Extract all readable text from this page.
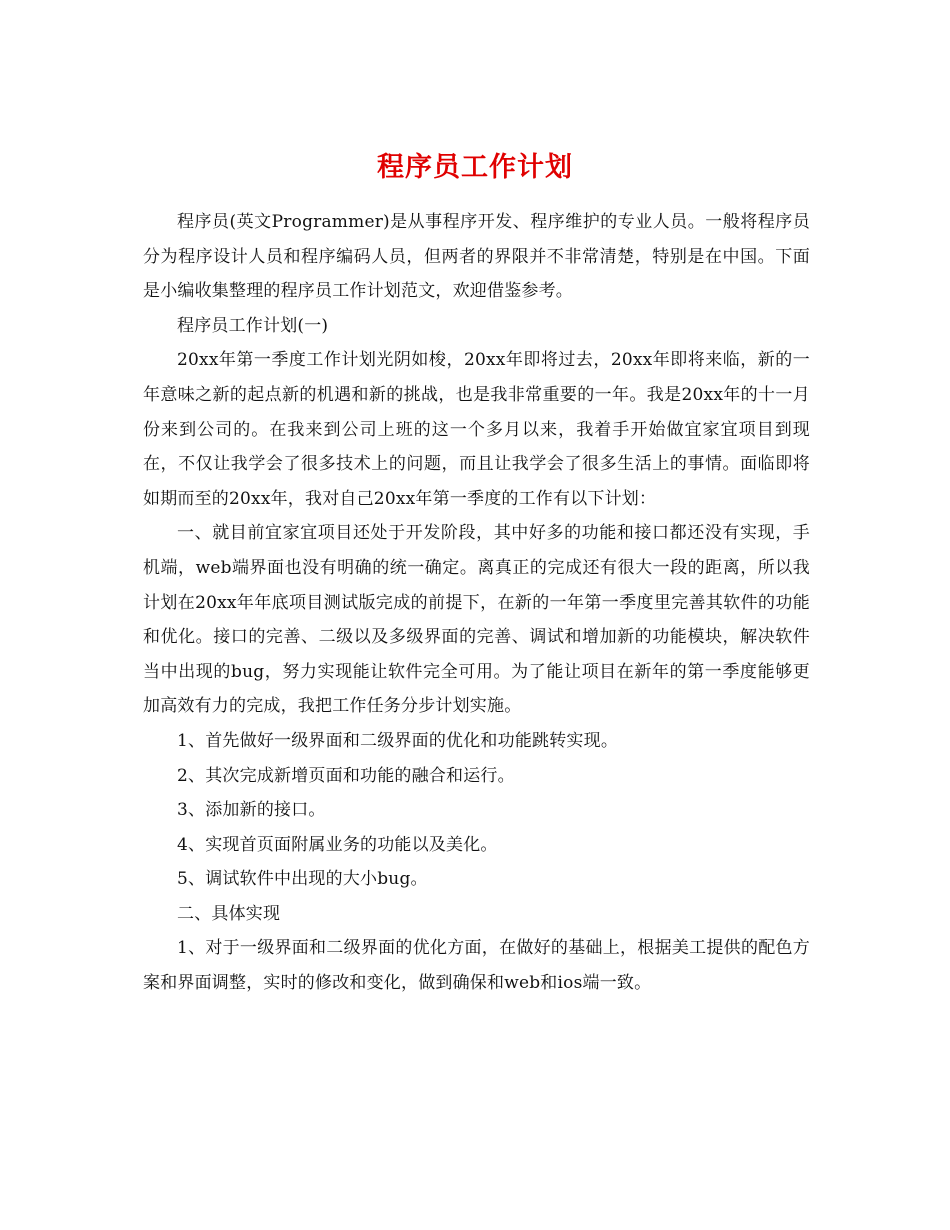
程序员工作计划

程序员(英文Programmer)是从事程序开发、程序维护的专业人员。一般将程序员分为程序设计人员和程序编码人员，但两者的界限并不非常清楚，特别是在中国。下面是小编收集整理的程序员工作计划范文，欢迎借鉴参考。

程序员工作计划(一)

20xx年第一季度工作计划光阴如梭，20xx年即将过去，20xx年即将来临，新的一年意味之新的起点新的机遇和新的挑战，也是我非常重要的一年。我是20xx年的十一月份来到公司的。在我来到公司上班的这一个多月以来，我着手开始做宜家宜项目到现在，不仅让我学会了很多技术上的问题，而且让我学会了很多生活上的事情。面临即将如期而至的20xx年，我对自己20xx年第一季度的工作有以下计划：

一、就目前宜家宜项目还处于开发阶段，其中好多的功能和接口都还没有实现，手机端，web端界面也没有明确的统一确定。离真正的完成还有很大一段的距离，所以我计划在20xx年年底项目测试版完成的前提下，在新的一年第一季度里完善其软件的功能和优化。接口的完善、二级以及多级界面的完善、调试和增加新的功能模块，解决软件当中出现的bug，努力实现能让软件完全可用。为了能让项目在新年的第一季度能够更加高效有力的完成，我把工作任务分步计划实施。

1、首先做好一级界面和二级界面的优化和功能跳转实现。

2、其次完成新增页面和功能的融合和运行。

3、添加新的接口。

4、实现首页面附属业务的功能以及美化。

5、调试软件中出现的大小bug。

二、具体实现

1、对于一级界面和二级界面的优化方面，在做好的基础上，根据美工提供的配色方案和界面调整，实时的修改和变化，做到确保和web和ios端一致。
